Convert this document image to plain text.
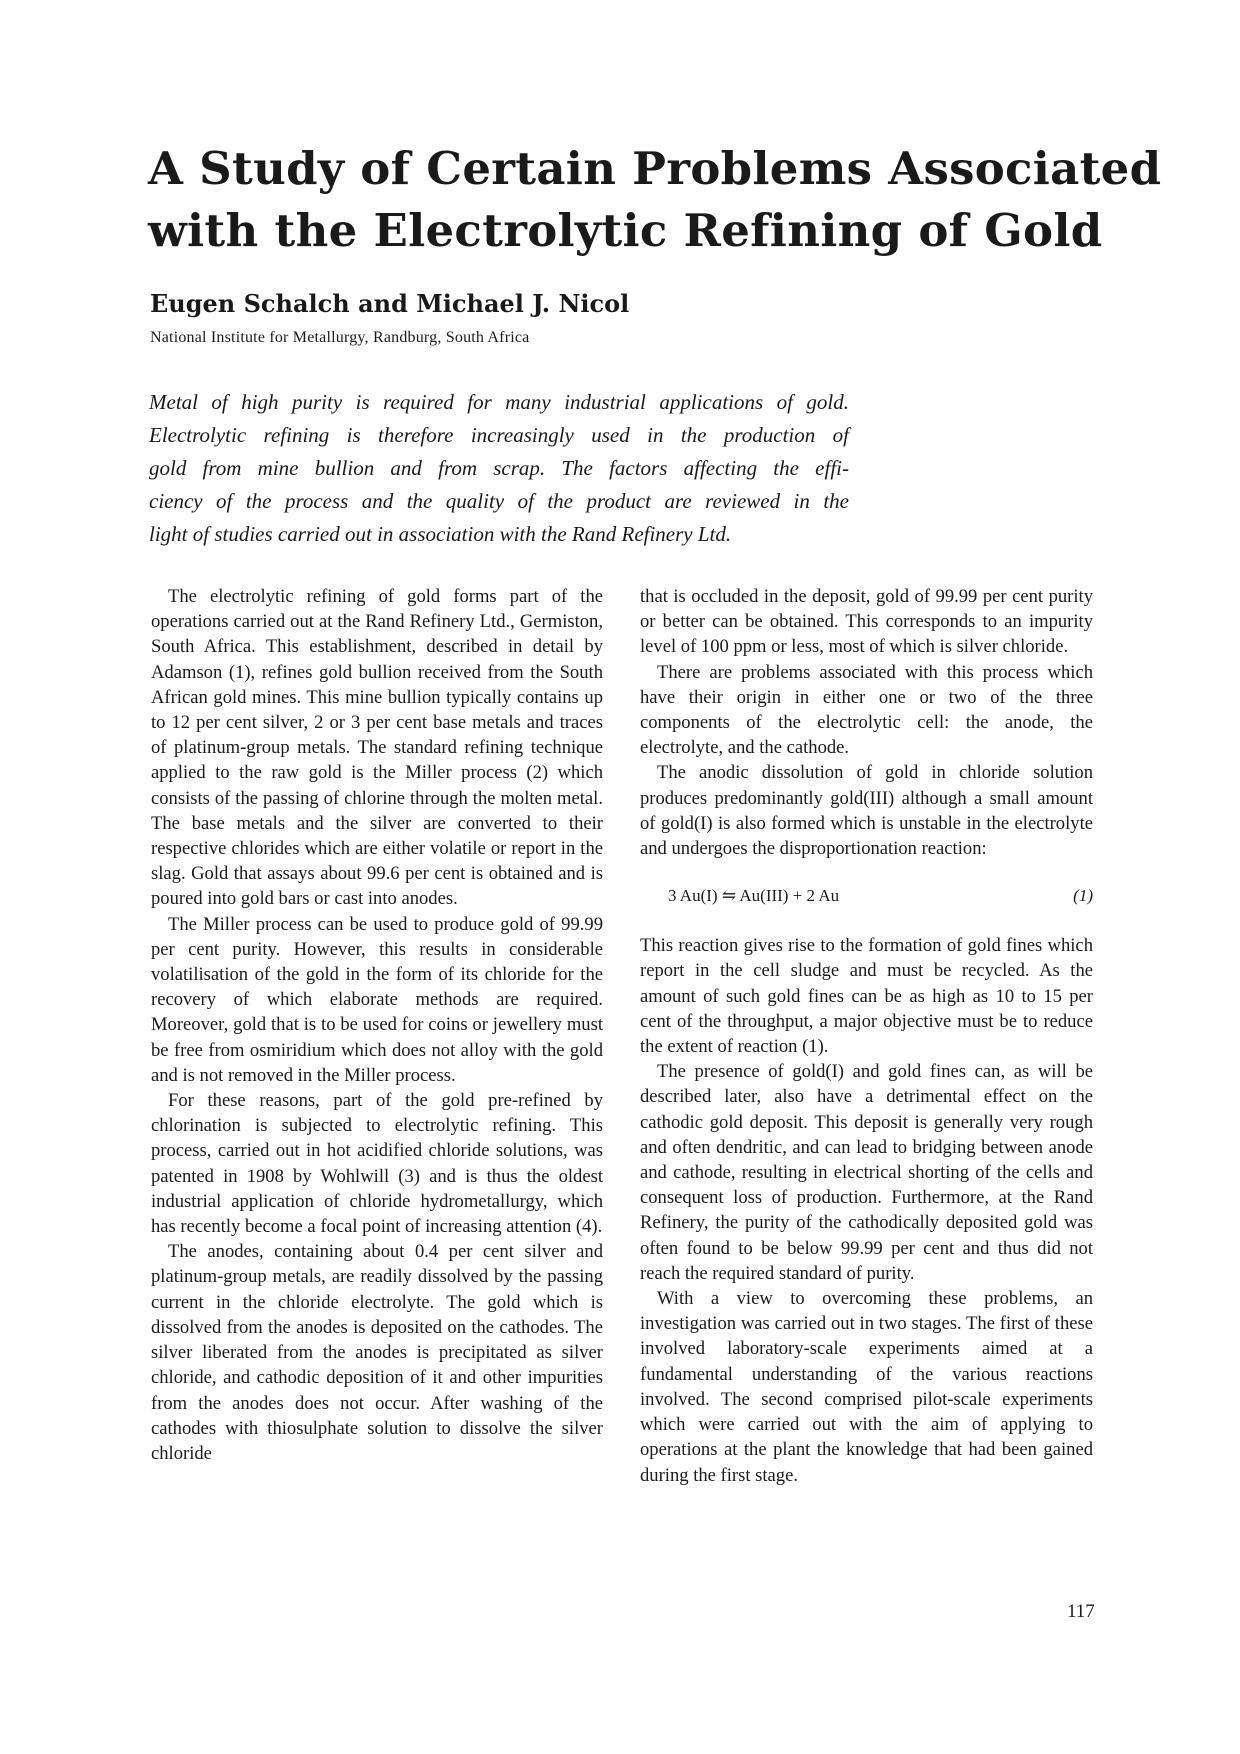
A Study of Certain Problems Associated
with the Electrolytic Refining of Gold
Eugen Schalch and Michael J. Nicol
National Institute for Metallurgy, Randburg, South Africa
Metal of high purity is required for many industrial applications of gold.
Electrolytic refining is therefore increasingly used in the production of
gold from mine bullion and from scrap. The factors affecting the effi-
ciency of the process and the quality of the product are reviewed in the
light of studies carried out in association with the Rand Refinery Ltd.

The electrolytic refining of gold forms part of the operations carried out at the Rand Refinery Ltd., Germiston, South Africa. This establishment, described in detail by Adamson (1), refines gold bullion received from the South African gold mines. This mine bullion typically contains up to 12 per cent silver, 2 or 3 per cent base metals and traces of platinum-group metals. The standard refining technique applied to the raw gold is the Miller process (2) which consists of the passing of chlorine through the molten metal. The base metals and the silver are converted to their respective chlorides which are either volatile or report in the slag. Gold that assays about 99.6 per cent is obtained and is poured into gold bars or cast into anodes.

The Miller process can be used to produce gold of 99.99 per cent purity. However, this results in considerable volatilisation of the gold in the form of its chloride for the recovery of which elaborate methods are required. Moreover, gold that is to be used for coins or jewellery must be free from osmiridium which does not alloy with the gold and is not removed in the Miller process.

For these reasons, part of the gold pre-refined by chlorination is subjected to electrolytic refining. This process, carried out in hot acidified chloride solutions, was patented in 1908 by Wohlwill (3) and is thus the oldest industrial application of chloride hydrometallurgy, which has recently become a focal point of increasing attention (4).

The anodes, containing about 0.4 per cent silver and platinum-group metals, are readily dissolved by the passing current in the chloride electrolyte. The gold which is dissolved from the anodes is deposited on the cathodes. The silver liberated from the anodes is precipitated as silver chloride, and cathodic deposition of it and other impurities from the anodes does not occur. After washing of the cathodes with thiosulphate solution to dissolve the silver chloride

that is occluded in the deposit, gold of 99.99 per cent purity or better can be obtained. This corresponds to an impurity level of 100 ppm or less, most of which is silver chloride.

There are problems associated with this process which have their origin in either one or two of the three components of the electrolytic cell: the anode, the electrolyte, and the cathode.

The anodic dissolution of gold in chloride solution produces predominantly gold(III) although a small amount of gold(I) is also formed which is unstable in the electrolyte and undergoes the disproportionation reaction:

3 Au(I) ⇋ Au(III) + 2 Au	(1)

This reaction gives rise to the formation of gold fines which report in the cell sludge and must be recycled. As the amount of such gold fines can be as high as 10 to 15 per cent of the throughput, a major objective must be to reduce the extent of reaction (1).

The presence of gold(I) and gold fines can, as will be described later, also have a detrimental effect on the cathodic gold deposit. This deposit is generally very rough and often dendritic, and can lead to bridging between anode and cathode, resulting in electrical shorting of the cells and consequent loss of production. Furthermore, at the Rand Refinery, the purity of the cathodically deposited gold was often found to be below 99.99 per cent and thus did not reach the required standard of purity.

With a view to overcoming these problems, an investigation was carried out in two stages. The first of these involved laboratory-scale experiments aimed at a fundamental understanding of the various reactions involved. The second comprised pilot-scale experiments which were carried out with the aim of applying to operations at the plant the knowledge that had been gained during the first stage.

117
